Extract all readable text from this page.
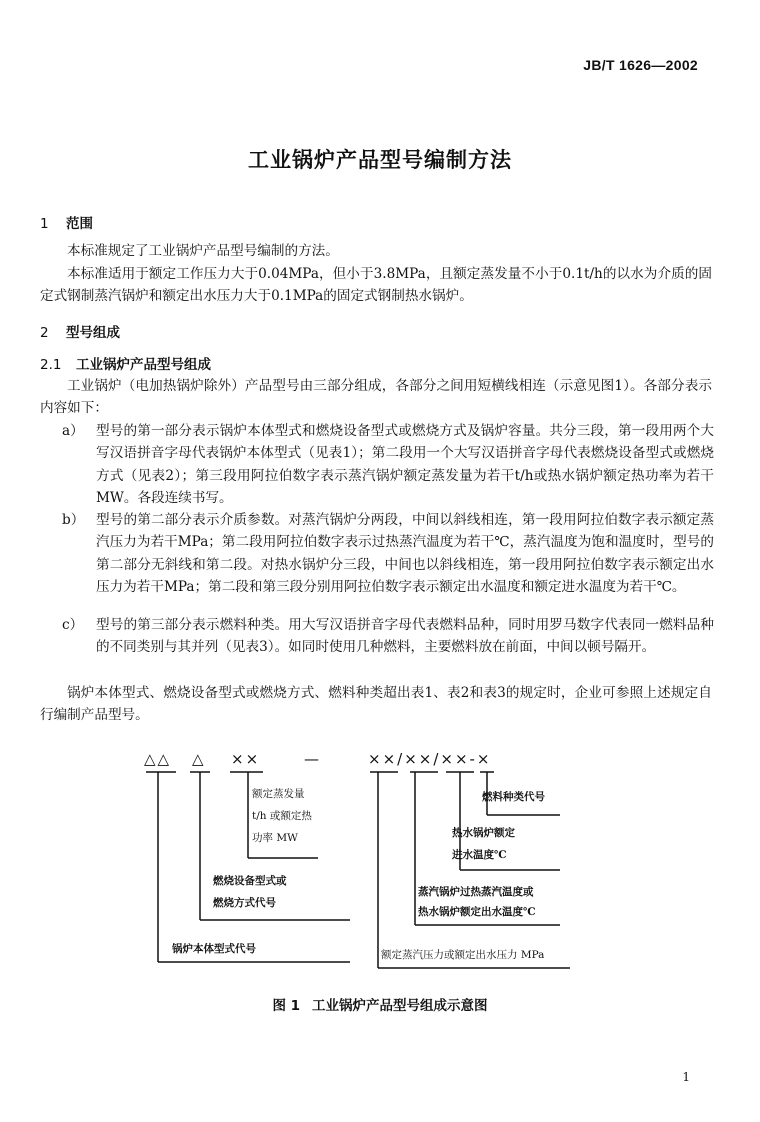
JB/T 1626—2002
工业锅炉产品型号编制方法
1 范围
本标准规定了工业锅炉产品型号编制的方法。
本标准适用于额定工作压力大于0.04MPa，但小于3.8MPa，且额定蒸发量不小于0.1t/h的以水为介质的固定式钢制蒸汽锅炉和额定出水压力大于0.1MPa的固定式钢制热水锅炉。
2 型号组成
2.1 工业锅炉产品型号组成
工业锅炉（电加热锅炉除外）产品型号由三部分组成，各部分之间用短横线相连（示意见图1）。各部分表示内容如下：
a） 型号的第一部分表示锅炉本体型式和燃烧设备型式或燃烧方式及锅炉容量。共分三段，第一段用两个大写汉语拼音字母代表锅炉本体型式（见表1）；第二段用一个大写汉语拼音字母代表燃烧设备型式或燃烧方式（见表2）；第三段用阿拉伯数字表示蒸汽锅炉额定蒸发量为若干t/h或热水锅炉额定热功率为若干MW。各段连续书写。
b） 型号的第二部分表示介质参数。对蒸汽锅炉分两段，中间以斜线相连，第一段用阿拉伯数字表示额定蒸汽压力为若干MPa；第二段用阿拉伯数字表示过热蒸汽温度为若干℃，蒸汽温度为饱和温度时，型号的第二部分无斜线和第二段。对热水锅炉分三段，中间也以斜线相连，第一段用阿拉伯数字表示额定出水压力为若干MPa；第二段和第三段分别用阿拉伯数字表示额定出水温度和额定进水温度为若干℃。
c） 型号的第三部分表示燃料种类。用大写汉语拼音字母代表燃料品种，同时用罗马数字代表同一燃料品种的不同类别与其并列（见表3）。如同时使用几种燃料，主要燃料放在前面，中间以顿号隔开。
锅炉本体型式、燃烧设备型式或燃烧方式、燃料种类超出表1、表2和表3的规定时，企业可参照上述规定自行编制产品型号。
△△ △ ××	—	××/××/××-×
额定蒸发量
t/h 或额定热
功率 MW
燃烧设备型式或
燃烧方式代号
锅炉本体型式代号
燃料种类代号
热水锅炉额定
进水温度℃
蒸汽锅炉过热蒸汽温度或
热水锅炉额定出水温度℃
额定蒸汽压力或额定出水压力 MPa
图 1 工业锅炉产品型号组成示意图
1
